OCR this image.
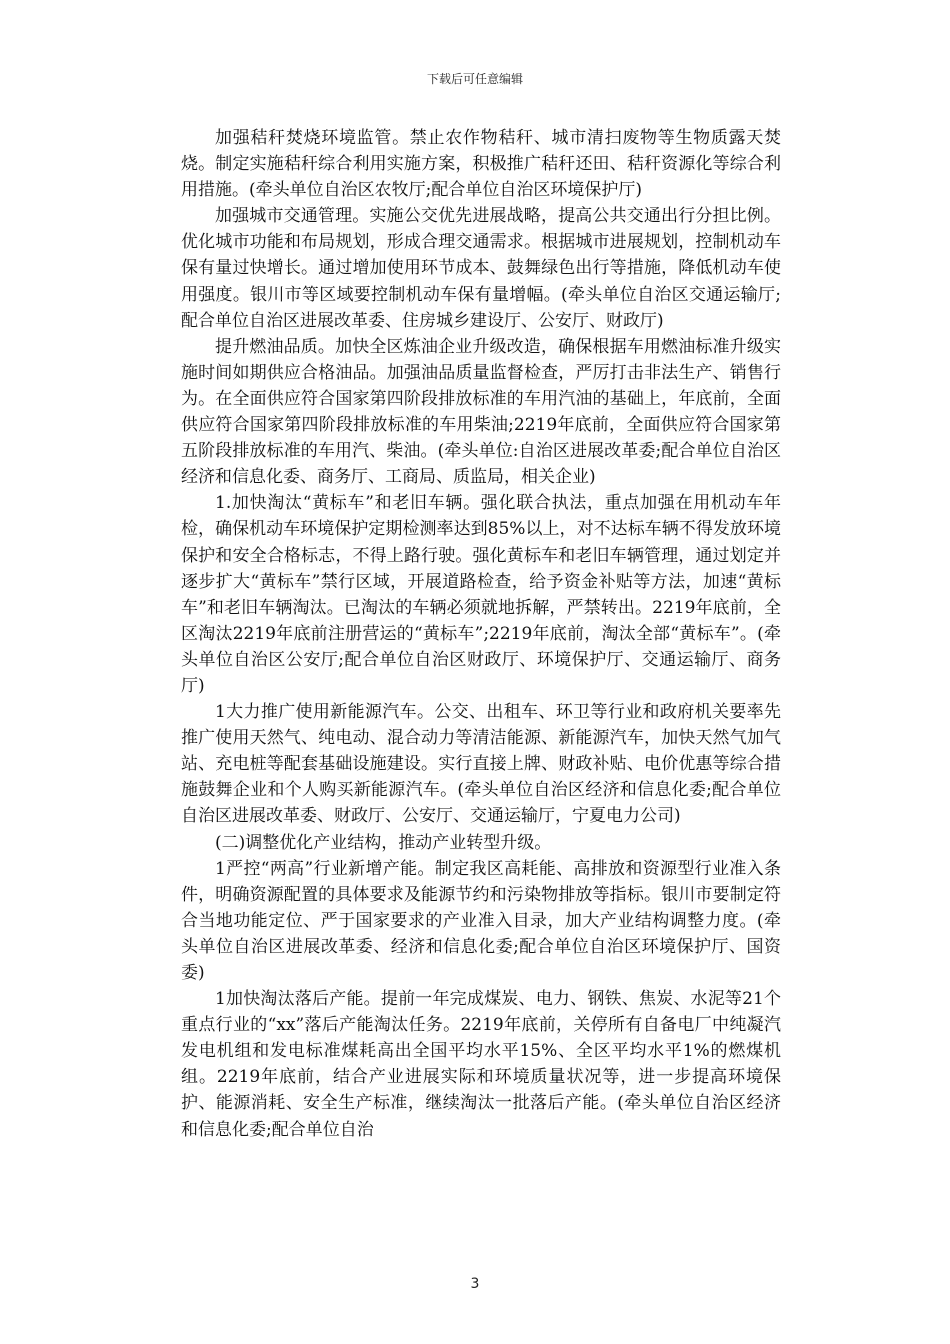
下载后可任意编辑

加强秸秆焚烧环境监管。禁止农作物秸秆、城市清扫废物等生物质露天焚烧。制定实施秸秆综合利用实施方案，积极推广秸秆还田、秸秆资源化等综合利用措施。(牵头单位自治区农牧厅;配合单位自治区环境保护厅)

加强城市交通管理。实施公交优先进展战略，提高公共交通出行分担比例。优化城市功能和布局规划，形成合理交通需求。根据城市进展规划，控制机动车保有量过快增长。通过增加使用环节成本、鼓舞绿色出行等措施，降低机动车使用强度。银川市等区域要控制机动车保有量增幅。(牵头单位自治区交通运输厅;配合单位自治区进展改革委、住房城乡建设厅、公安厅、财政厅)

提升燃油品质。加快全区炼油企业升级改造，确保根据车用燃油标准升级实施时间如期供应合格油品。加强油品质量监督检查，严厉打击非法生产、销售行为。在全面供应符合国家第四阶段排放标准的车用汽油的基础上，年底前，全面供应符合国家第四阶段排放标准的车用柴油;2219年底前，全面供应符合国家第五阶段排放标准的车用汽、柴油。(牵头单位:自治区进展改革委;配合单位自治区经济和信息化委、商务厅、工商局、质监局，相关企业)

1.加快淘汰“黄标车”和老旧车辆。强化联合执法，重点加强在用机动车年检，确保机动车环境保护定期检测率达到85%以上，对不达标车辆不得发放环境保护和安全合格标志，不得上路行驶。强化黄标车和老旧车辆管理，通过划定并逐步扩大“黄标车”禁行区域，开展道路检查，给予资金补贴等方法，加速“黄标车”和老旧车辆淘汰。已淘汰的车辆必须就地拆解，严禁转出。2219年底前，全区淘汰2219年底前注册营运的“黄标车”;2219年底前，淘汰全部“黄标车”。(牵头单位自治区公安厅;配合单位自治区财政厅、环境保护厅、交通运输厅、商务厅)

1大力推广使用新能源汽车。公交、出租车、环卫等行业和政府机关要率先推广使用天然气、纯电动、混合动力等清洁能源、新能源汽车，加快天然气加气站、充电桩等配套基础设施建设。实行直接上牌、财政补贴、电价优惠等综合措施鼓舞企业和个人购买新能源汽车。(牵头单位自治区经济和信息化委;配合单位自治区进展改革委、财政厅、公安厅、交通运输厅，宁夏电力公司)

(二)调整优化产业结构，推动产业转型升级。

1严控“两高”行业新增产能。制定我区高耗能、高排放和资源型行业准入条件，明确资源配置的具体要求及能源节约和污染物排放等指标。银川市要制定符合当地功能定位、严于国家要求的产业准入目录，加大产业结构调整力度。(牵头单位自治区进展改革委、经济和信息化委;配合单位自治区环境保护厅、国资委)

1加快淘汰落后产能。提前一年完成煤炭、电力、钢铁、焦炭、水泥等21个重点行业的“xx”落后产能淘汰任务。2219年底前，关停所有自备电厂中纯凝汽发电机组和发电标准煤耗高出全国平均水平15%、全区平均水平1%的燃煤机组。2219年底前，结合产业进展实际和环境质量状况等，进一步提高环境保护、能源消耗、安全生产标准，继续淘汰一批落后产能。(牵头单位自治区经济和信息化委;配合单位自治

3
